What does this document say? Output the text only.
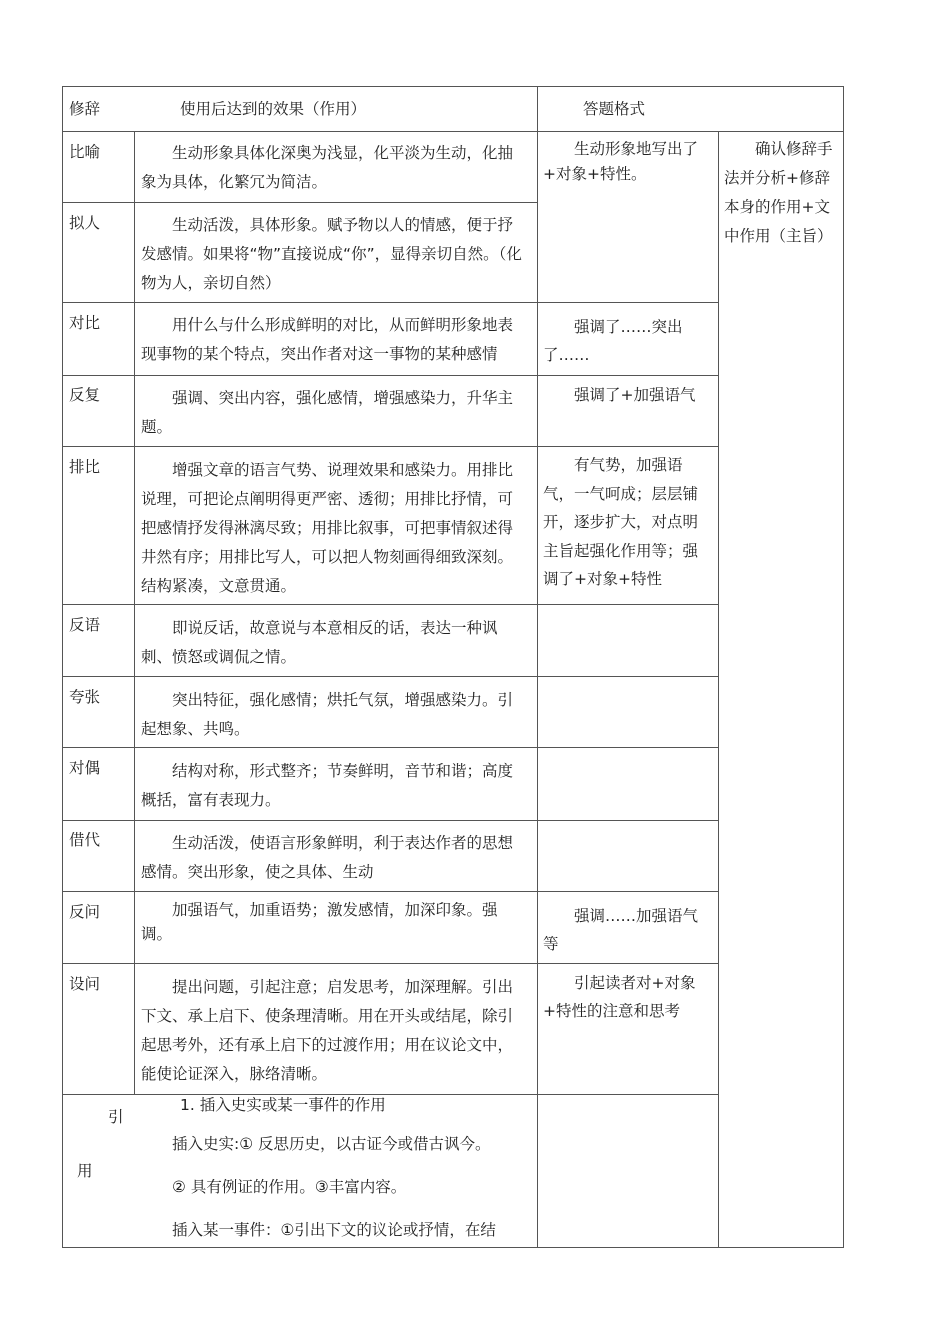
修辞	使用后达到的效果（作用）	答题格式
比喻
拟人
对比
反复
排比
反语
夸张
对偶
借代
反问
设问

生动形象具体化深奥为浅显，化平淡为生动，化抽象为具体，化繁冗为简洁。

生动活泼，具体形象。赋予物以人的情感，便于抒发感情。如果将“物”直接说成“你”，显得亲切自然。（化物为人，亲切自然）

用什么与什么形成鲜明的对比，从而鲜明形象地表现事物的某个特点，突出作者对这一事物的某种感情

强调、突出内容，强化感情，增强感染力，升华主题。

增强文章的语言气势、说理效果和感染力。用排比说理，可把论点阐明得更严密、透彻；用排比抒情，可把感情抒发得淋漓尽致；用排比叙事，可把事情叙述得井然有序；用排比写人，可以把人物刻画得细致深刻。结构紧凑，文意贯通。

即说反话，故意说与本意相反的话，表达一种讽刺、愤怒或调侃之情。

突出特征，强化感情；烘托气氛，增强感染力。引起想象、共鸣。

结构对称，形式整齐；节奏鲜明，音节和谐；高度概括，富有表现力。

生动活泼，使语言形象鲜明，利于表达作者的思想感情。突出形象，使之具体、生动

加强语气，加重语势；激发感情，加深印象。强调。

提出问题，引起注意；启发思考，加深理解。引出下文、承上启下、使条理清晰。用在开头或结尾，除引起思考外，还有承上启下的过渡作用；用在议论文中，能使论证深入，脉络清晰。

生动形象地写出了+对象+特性。

强调了……突出了……

强调了+加强语气

有气势，加强语气，一气呵成；层层铺开，逐步扩大，对点明主旨起强化作用等；强调了+对象+特性

强调……加强语气等

引起读者对+对象+特性的注意和思考

确认修辞手法并分析+修辞本身的作用+文中作用（主旨）

引
用
1. 插入史实或某一事件的作用

插入史实:① 反思历史，以古证今或借古讽今。

② 具有例证的作用。③丰富内容。

插入某一事件：①引出下文的议论或抒情，在结
